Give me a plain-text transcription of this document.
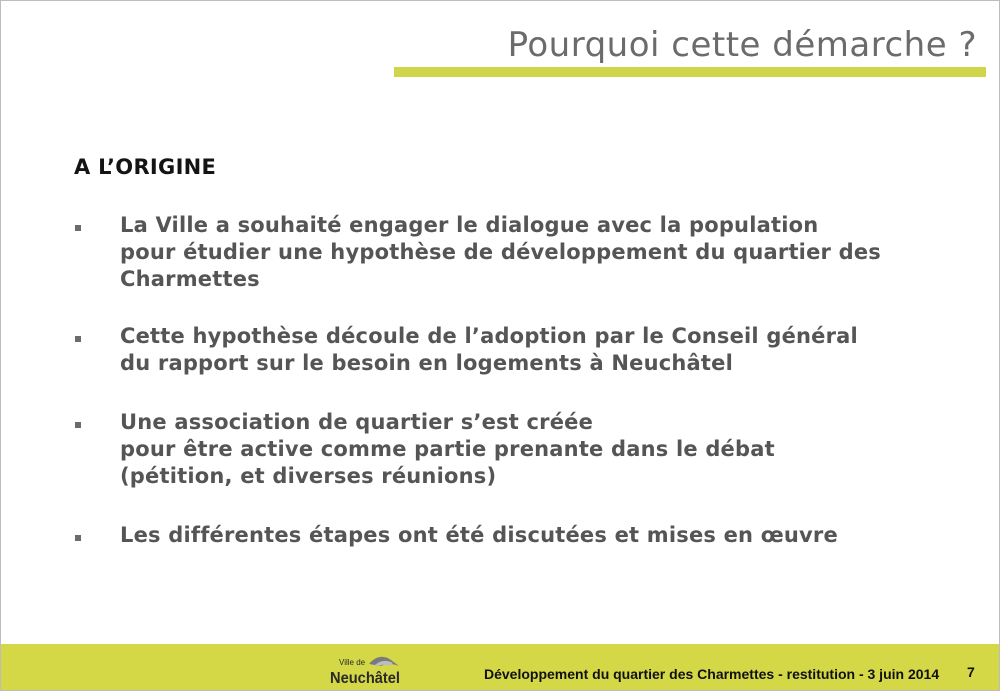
Pourquoi cette démarche ?
A L’ORIGINE
La Ville a souhaité engager le dialogue avec la population
pour étudier une hypothèse de développement du quartier des
Charmettes
Cette hypothèse découle de l’adoption par le Conseil général
du rapport sur le besoin en logements à Neuchâtel
Une association de quartier s’est créée
pour être active comme partie prenante dans le débat
(pétition, et diverses réunions)
Les différentes étapes ont été discutées et mises en œuvre
Ville de
Neuchâtel	Développement du quartier des Charmettes - restitution - 3 juin 2014 7
